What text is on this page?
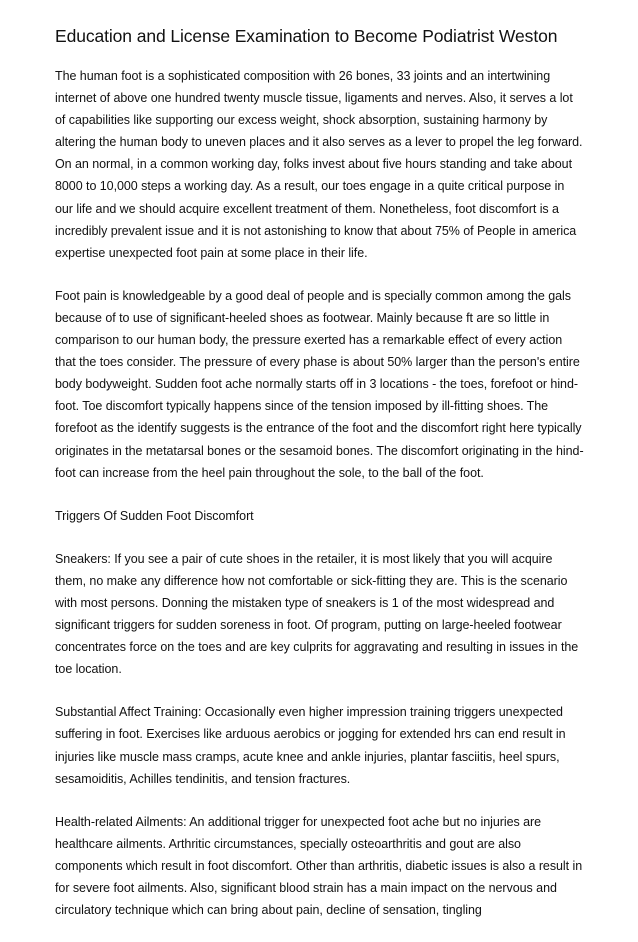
Education and License Examination to Become Podiatrist Weston

The human foot is a sophisticated composition with 26 bones, 33 joints and an intertwining internet of above one hundred twenty muscle tissue, ligaments and nerves. Also, it serves a lot of capabilities like supporting our excess weight, shock absorption, sustaining harmony by altering the human body to uneven places and it also serves as a lever to propel the leg forward. On an normal, in a common working day, folks invest about five hours standing and take about 8000 to 10,000 steps a working day. As a result, our toes engage in a quite critical purpose in our life and we should acquire excellent treatment of them. Nonetheless, foot discomfort is a incredibly prevalent issue and it is not astonishing to know that about 75% of People in america expertise unexpected foot pain at some place in their life.

Foot pain is knowledgeable by a good deal of people and is specially common among the gals because of to use of significant-heeled shoes as footwear. Mainly because ft are so little in comparison to our human body, the pressure exerted has a remarkable effect of every action that the toes consider. The pressure of every phase is about 50% larger than the person's entire body bodyweight. Sudden foot ache normally starts off in 3 locations - the toes, forefoot or hind-foot. Toe discomfort typically happens since of the tension imposed by ill-fitting shoes. The forefoot as the identify suggests is the entrance of the foot and the discomfort right here typically originates in the metatarsal bones or the sesamoid bones. The discomfort originating in the hind-foot can increase from the heel pain throughout the sole, to the ball of the foot.

Triggers Of Sudden Foot Discomfort

Sneakers: If you see a pair of cute shoes in the retailer, it is most likely that you will acquire them, no make any difference how not comfortable or sick-fitting they are. This is the scenario with most persons. Donning the mistaken type of sneakers is 1 of the most widespread and significant triggers for sudden soreness in foot. Of program, putting on large-heeled footwear concentrates force on the toes and are key culprits for aggravating and resulting in issues in the toe location.

Substantial Affect Training: Occasionally even higher impression training triggers unexpected suffering in foot. Exercises like arduous aerobics or jogging for extended hrs can end result in injuries like muscle mass cramps, acute knee and ankle injuries, plantar fasciitis, heel spurs, sesamoiditis, Achilles tendinitis, and tension fractures.

Health-related Ailments: An additional trigger for unexpected foot ache but no injuries are healthcare ailments. Arthritic circumstances, specially osteoarthritis and gout are also components which result in foot discomfort. Other than arthritis, diabetic issues is also a result in for severe foot ailments. Also, significant blood strain has a main impact on the nervous and circulatory technique which can bring about pain, decline of sensation, tingling
